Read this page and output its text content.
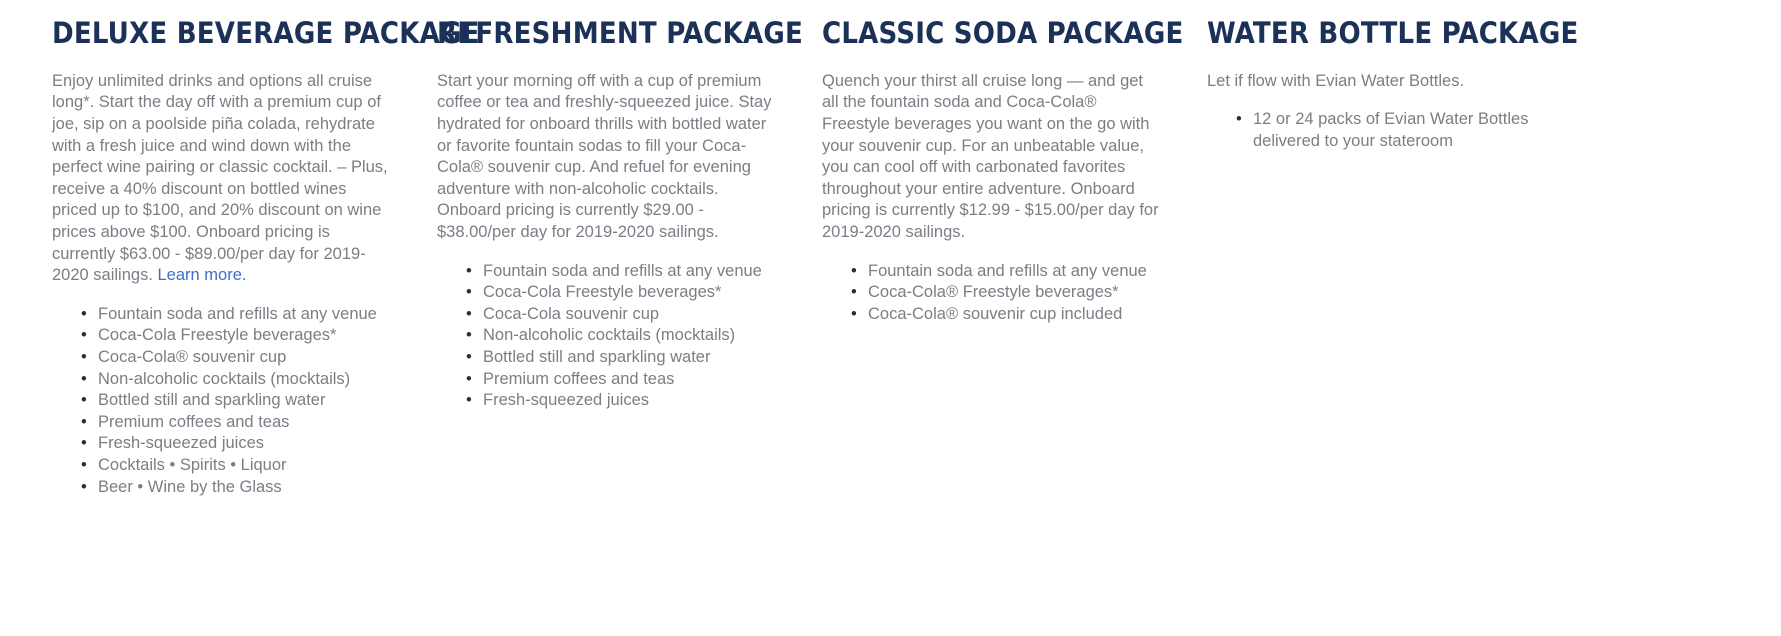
DELUXE BEVERAGE PACKAGE

Enjoy unlimited drinks and options all cruise long*. Start the day off with a premium cup of joe, sip on a poolside piña colada, rehydrate with a fresh juice and wind down with the perfect wine pairing or classic cocktail. – Plus, receive a 40% discount on bottled wines priced up to $100, and 20% discount on wine prices above $100. Onboard pricing is currently $63.00 - $89.00/per day for 2019-2020 sailings. Learn more.

• Fountain soda and refills at any venue
• Coca-Cola Freestyle beverages*
• Coca-Cola® souvenir cup
• Non-alcoholic cocktails (mocktails)
• Bottled still and sparkling water
• Premium coffees and teas
• Fresh-squeezed juices
• Cocktails • Spirits • Liquor
• Beer • Wine by the Glass
REFRESHMENT PACKAGE

Start your morning off with a cup of premium coffee or tea and freshly-squeezed juice. Stay hydrated for onboard thrills with bottled water or favorite fountain sodas to fill your Coca-Cola® souvenir cup. And refuel for evening adventure with non-alcoholic cocktails. Onboard pricing is currently $29.00 - $38.00/per day for 2019-2020 sailings.

• Fountain soda and refills at any venue
• Coca-Cola Freestyle beverages*
• Coca-Cola souvenir cup
• Non-alcoholic cocktails (mocktails)
• Bottled still and sparkling water
• Premium coffees and teas
• Fresh-squeezed juices
CLASSIC SODA PACKAGE

Quench your thirst all cruise long — and get all the fountain soda and Coca-Cola® Freestyle beverages you want on the go with your souvenir cup. For an unbeatable value, you can cool off with carbonated favorites throughout your entire adventure. Onboard pricing is currently $12.99 - $15.00/per day for 2019-2020 sailings.

• Fountain soda and refills at any venue
• Coca-Cola® Freestyle beverages*
• Coca-Cola® souvenir cup included
WATER BOTTLE PACKAGE

Let if flow with Evian Water Bottles.

• 12 or 24 packs of Evian Water Bottles delivered to your stateroom
